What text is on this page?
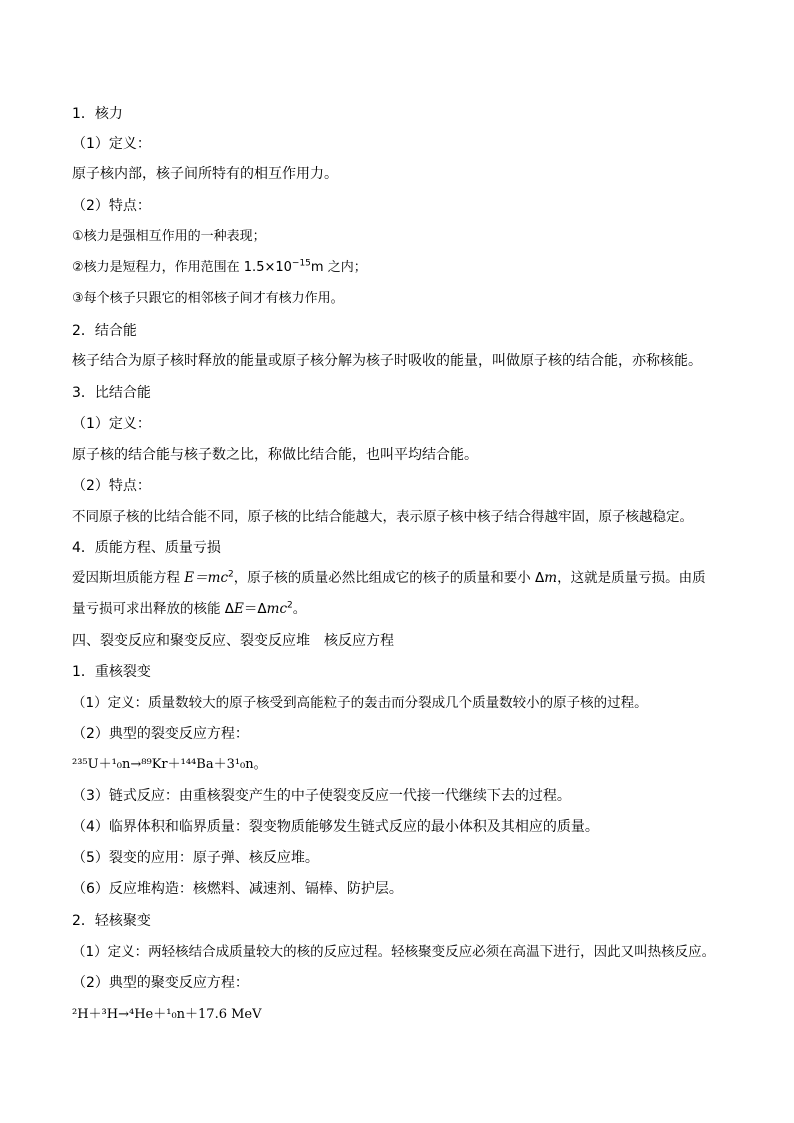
1．核力
（1）定义：
原子核内部，核子间所特有的相互作用力。
（2）特点：
①核力是强相互作用的一种表现；
②核力是短程力，作用范围在 $1.5\times 10^{-15}m$ 之内；
③每个核子只跟它的相邻核子间才有核力作用。
2．结合能
核子结合为原子核时释放的能量或原子核分解为核子时吸收的能量，叫做原子核的结合能，亦称核能。
3．比结合能
（1）定义：
原子核的结合能与核子数之比，称做比结合能，也叫平均结合能。
（2）特点：
不同原子核的比结合能不同，原子核的比结合能越大，表示原子核中核子结合得越牢固，原子核越稳定。
4．质能方程、质量亏损
爱因斯坦质能方程 $E=mc^2$，原子核的质量必然比组成它的核子的质量和要小 Δm，这就是质量亏损。由质
量亏损可求出释放的核能 ΔE＝Δmc$^2$。
四、裂变反应和聚变反应、裂变反应堆　核反应方程
1．重核裂变
（1）定义：质量数较大的原子核受到高能粒子的轰击而分裂成几个质量数较小的原子核的过程。
（2）典型的裂变反应方程：
²³⁵U＋¹₀n→⁸⁹Kr＋¹⁴⁴Ba＋3¹₀n。
（3）链式反应：由重核裂变产生的中子使裂变反应一代接一代继续下去的过程。
（4）临界体积和临界质量：裂变物质能够发生链式反应的最小体积及其相应的质量。
（5）裂变的应用：原子弹、核反应堆。
（6）反应堆构造：核燃料、减速剂、镉棒、防护层。
2．轻核聚变
（1）定义：两轻核结合成质量较大的核的反应过程。轻核聚变反应必须在高温下进行，因此又叫热核反应。
（2）典型的聚变反应方程：
²H＋³H→⁴He＋¹₀n＋17.6 MeV
